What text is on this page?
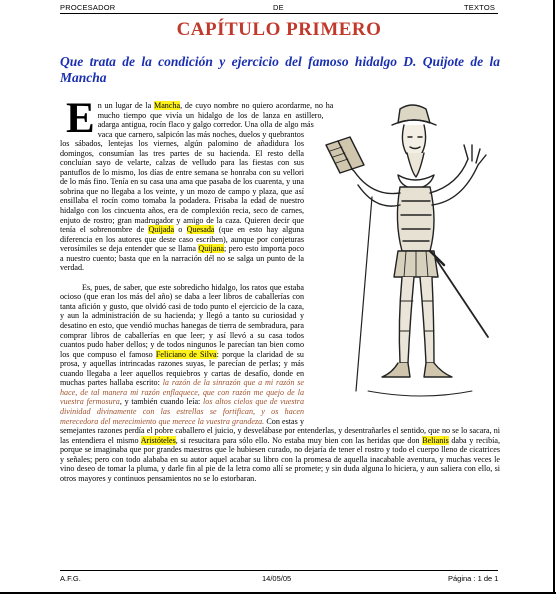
PROCESADOR	DE	TEXTOS
CAPÍTULO PRIMERO
Que trata de la condición y ejercicio del famoso hidalgo D. Quijote de la Mancha

En un lugar de la Mancha, de cuyo nombre no quiero acordarme, no ha mucho tiempo que vivía un hidalgo de los de lanza en astillero, adarga antigua, rocín flaco y galgo corredor. Una olla de algo más vaca que carnero, salpicón las más noches, duelos y quebrantos los sábados, lentejas los viernes, algún palomino de añadidura los domingos, consumían las tres partes de su hacienda. El resto della concluían sayo de velarte, calzas de velludo para las fiestas con sus pantuflos de lo mismo, los días de entre semana se honraba con su vellori de lo más fino. Tenía en su casa una ama que pasaba de los cuarenta, y una sobrina que no llegaba a los veinte, y un mozo de campo y plaza, que así ensillaba el rocín como tomaba la podadera. Frisaba la edad de nuestro hidalgo con los cincuenta años, era de complexión recia, seco de carnes, enjuto de rostro; gran madrugador y amigo de la caza. Quieren decir que tenía el sobrenombre de Quijada o Quesada (que en esto hay alguna diferencia en los autores que deste caso escriben), aunque por conjeturas verosímiles se deja entender que se llama Quijana; pero esto importa poco a nuestro cuento; basta que en la narración dél no se salga un punto de la verdad.

Es, pues, de saber, que este sobredicho hidalgo, los ratos que estaba ocioso (que eran los más del año) se daba a leer libros de caballerías con tanta afición y gusto, que olvidó casi de todo punto el ejercicio de la caza, y aun la administración de su hacienda; y llegó a tanto su curiosidad y desatino en esto, que vendió muchas hanegas de tierra de sembradura, para comprar libros de caballerías en que leer; y así llevó a su casa todos cuantos pudo haber dellos; y de todos ningunos le parecían tan bien como los que compuso el famoso Feliciano de Silva: porque la claridad de su prosa, y aquellas intrincadas razones suyas, le parecían de perlas; y más cuando llegaba a leer aquellos requiebros y cartas de desafío, donde en muchas partes hallaba escrito: la razón de la sinrazón que a mi razón se hace, de tal manera mi razón enflaquece, que con razón me quejo de la vuestra fermosura, y también cuando leía: los altos cielos que de vuestra divinidad divinamente con las estrellas se fortifican, y os hacen merecedora del merecimiento que merece la vuestra grandeza. Con estas y semejantes razones perdía el pobre caballero el juicio, y desvelábase por entenderlas, y desentrañarles el sentido, que no se lo sacara, ni las entendiera el mismo Aristóteles, si resucitara para sólo ello. No estaba muy bien con las heridas que don Belianis daba y recibía, porque se imaginaba que por grandes maestros que le hubiesen curado, no dejaría de tener el rostro y todo el cuerpo lleno de cicatrices y señales; pero con todo alababa en su autor aquel acabar su libro con la promesa de aquella inacabable aventura, y muchas veces le vino deseo de tomar la pluma, y darle fin al pie de la letra como allí se promete; y sin duda alguna lo hiciera, y aun saliera con ello, si otros mayores y continuos pensamientos no se lo estorbaran.

A.F.G.	14/05/05	Página : 1 de 1
